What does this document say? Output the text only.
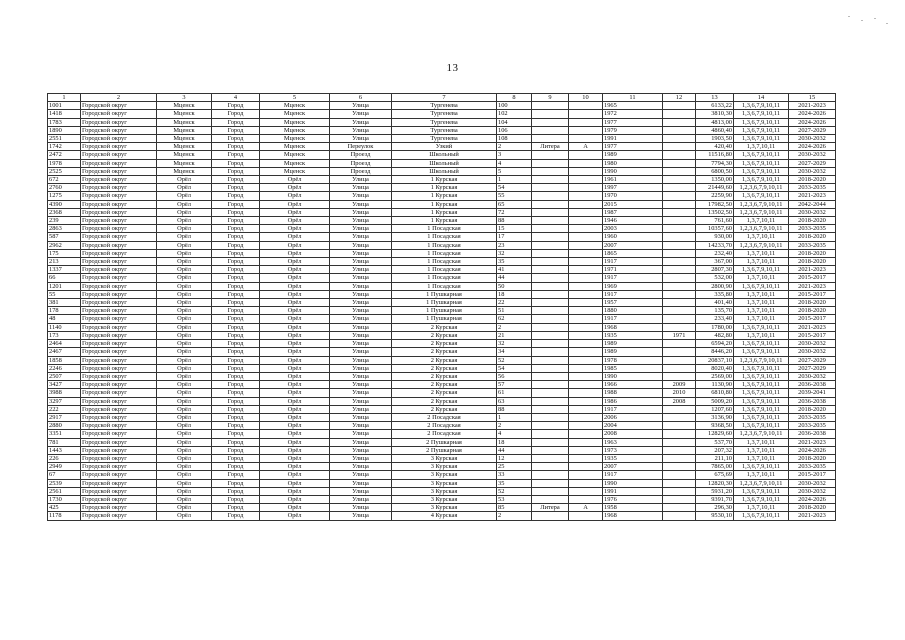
13
1	2	3	4	5	6	7	8	9	10	11	12	13	14	15
1001	Городской округ	Мценск	Город	Мценск	Улица	Тургенева	100			1965		6133,22	1,3,6,7,9,10,11	2021-2023
1418	Городской округ	Мценск	Город	Мценск	Улица	Тургенева	102			1972		3810,30	1,3,6,7,9,10,11	2024-2026
1783	Городской округ	Мценск	Город	Мценск	Улица	Тургенева	104			1977		4813,00	1,3,6,7,9,10,11	2024-2026
1890	Городской округ	Мценск	Город	Мценск	Улица	Тургенева	106			1979		4860,40	1,3,6,7,9,10,11	2027-2029
2551	Городской округ	Мценск	Город	Мценск	Улица	Тургенева	108			1991		1903,50	1,3,6,7,9,10,11	2030-2032
1742	Городской округ	Мценск	Город	Мценск	Переулок	Узкий	2	Литера	А	1977		420,40	1,3,7,10,11	2024-2026
2472	Городской округ	Мценск	Город	Мценск	Проезд	Школьный	3			1989		11516,80	1,3,6,7,9,10,11	2030-2032
1978	Городской округ	Мценск	Город	Мценск	Проезд	Школьный	4			1980		7794,30	1,3,6,7,9,10,11	2027-2029
2525	Городской округ	Мценск	Город	Мценск	Проезд	Школьный	5			1990		6800,50	1,3,6,7,9,10,11	2030-2032
672	Городской округ	Орёл	Город	Орёл	Улица	1 Курская	1			1961		1350,00	1,3,6,7,9,10,11	2018-2020
2760	Городской округ	Орёл	Город	Орёл	Улица	1 Курская	54			1997		21449,60	1,2,3,6,7,9,10,11	2033-2035
1275	Городской округ	Орёл	Город	Орёл	Улица	1 Курская	55			1970		2259,90	1,3,6,7,9,10,11	2021-2023
4390	Городской округ	Орёл	Город	Орёл	Улица	1 Курская	65			2015		17982,50	1,2,3,6,7,9,10,11	2042-2044
2368	Городской округ	Орёл	Город	Орёл	Улица	1 Курская	72			1987		13502,50	1,2,3,6,7,9,10,11	2030-2032
239	Городской округ	Орёл	Город	Орёл	Улица	1 Курская	88			1946		761,60	1,3,7,10,11	2018-2020
2863	Городской округ	Орёл	Город	Орёл	Улица	1 Посадская	15			2003		10357,60	1,2,3,6,7,9,10,11	2033-2035
587	Городской округ	Орёл	Город	Орёл	Улица	1 Посадская	17			1960		930,00	1,3,7,10,11	2018-2020
2962	Городской округ	Орёл	Город	Орёл	Улица	1 Посадская	23			2007		14233,70	1,2,3,6,7,9,10,11	2033-2035
175	Городской округ	Орёл	Город	Орёл	Улица	1 Посадская	32			1865		232,40	1,3,7,10,11	2018-2020
213	Городской округ	Орёл	Город	Орёл	Улица	1 Посадская	35			1917		367,00	1,3,7,10,11	2018-2020
1337	Городской округ	Орёл	Город	Орёл	Улица	1 Посадская	41			1971		2807,30	1,3,6,7,9,10,11	2021-2023
66	Городской округ	Орёл	Город	Орёл	Улица	1 Посадская	44			1917		532,00	1,3,7,10,11	2015-2017
1201	Городской округ	Орёл	Город	Орёл	Улица	1 Посадская	50			1969		2800,90	1,3,6,7,9,10,11	2021-2023
55	Городской округ	Орёл	Город	Орёл	Улица	1 Пушкарная	18			1917		335,80	1,3,7,10,11	2015-2017
381	Городской округ	Орёл	Город	Орёл	Улица	1 Пушкарная	22			1957		401,40	1,3,7,10,11	2018-2020
178	Городской округ	Орёл	Город	Орёл	Улица	1 Пушкарная	51			1880		135,70	1,3,7,10,11	2018-2020
48	Городской округ	Орёл	Город	Орёл	Улица	1 Пушкарная	62			1917		233,40	1,3,7,10,11	2015-2017
1140	Городской округ	Орёл	Город	Орёл	Улица	2 Курская	2			1968		1780,00	1,3,6,7,9,10,11	2021-2023
173	Городской округ	Орёл	Город	Орёл	Улица	2 Курская	21			1935	1971	482,80	1,3,7,10,11	2015-2017
2464	Городской округ	Орёл	Город	Орёл	Улица	2 Курская	32			1989		6594,20	1,3,6,7,9,10,11	2030-2032
2467	Городской округ	Орёл	Город	Орёл	Улица	2 Курская	34			1989		8446,20	1,3,6,7,9,10,11	2030-2032
1858	Городской округ	Орёл	Город	Орёл	Улица	2 Курская	52			1978		20837,10	1,2,3,6,7,9,10,11	2027-2029
2246	Городской округ	Орёл	Город	Орёл	Улица	2 Курская	54			1985		8020,40	1,3,6,7,9,10,11	2027-2029
2507	Городской округ	Орёл	Город	Орёл	Улица	2 Курская	56			1990		2569,00	1,3,6,7,9,10,11	2030-2032
3427	Городской округ	Орёл	Город	Орёл	Улица	2 Курская	57			1966	2009	1130,90	1,3,6,7,9,10,11	2036-2038
3988	Городской округ	Орёл	Город	Орёл	Улица	2 Курская	61			1988	2010	6810,80	1,3,6,7,9,10,11	2039-2041
3297	Городской округ	Орёл	Город	Орёл	Улица	2 Курская	63			1986	2008	5009,20	1,3,6,7,9,10,11	2036-2038
222	Городской округ	Орёл	Город	Орёл	Улица	2 Курская	88			1917		1207,60	1,3,6,7,9,10,11	2018-2020
2917	Городской округ	Орёл	Город	Орёл	Улица	2 Посадская	1			2006		3136,90	1,3,6,7,9,10,11	2033-2035
2880	Городской округ	Орёл	Город	Орёл	Улица	2 Посадская	2			2004		9368,50	1,3,6,7,9,10,11	2033-2035
3351	Городской округ	Орёл	Город	Орёл	Улица	2 Посадская	4			2008		12829,60	1,2,3,6,7,9,10,11	2036-2038
781	Городской округ	Орёл	Город	Орёл	Улица	2 Пушкарная	18			1963		537,70	1,3,7,10,11	2021-2023
1443	Городской округ	Орёл	Город	Орёл	Улица	2 Пушкарная	44			1973		207,32	1,3,7,10,11	2024-2026
226	Городской округ	Орёл	Город	Орёл	Улица	3 Курская	12			1935		211,10	1,3,7,10,11	2018-2020
2949	Городской округ	Орёл	Город	Орёл	Улица	3 Курская	25			2007		7865,00	1,3,6,7,9,10,11	2033-2035
67	Городской округ	Орёл	Город	Орёл	Улица	3 Курская	33			1917		675,69	1,3,7,10,11	2015-2017
2539	Городской округ	Орёл	Город	Орёл	Улица	3 Курская	35			1990		12820,30	1,2,3,6,7,9,10,11	2030-2032
2561	Городской округ	Орёл	Город	Орёл	Улица	3 Курская	52			1991		5931,20	1,3,6,7,9,10,11	2030-2032
1730	Городской округ	Орёл	Город	Орёл	Улица	3 Курская	53			1976		9391,70	1,3,6,7,9,10,11	2024-2026
425	Городской округ	Орёл	Город	Орёл	Улица	3 Курская	85	Литера	А	1958		296,30	1,3,7,10,11	2018-2020
1178	Городской округ	Орёл	Город	Орёл	Улица	4 Курская	2			1968		9530,10	1,3,6,7,9,10,11	2021-2023
